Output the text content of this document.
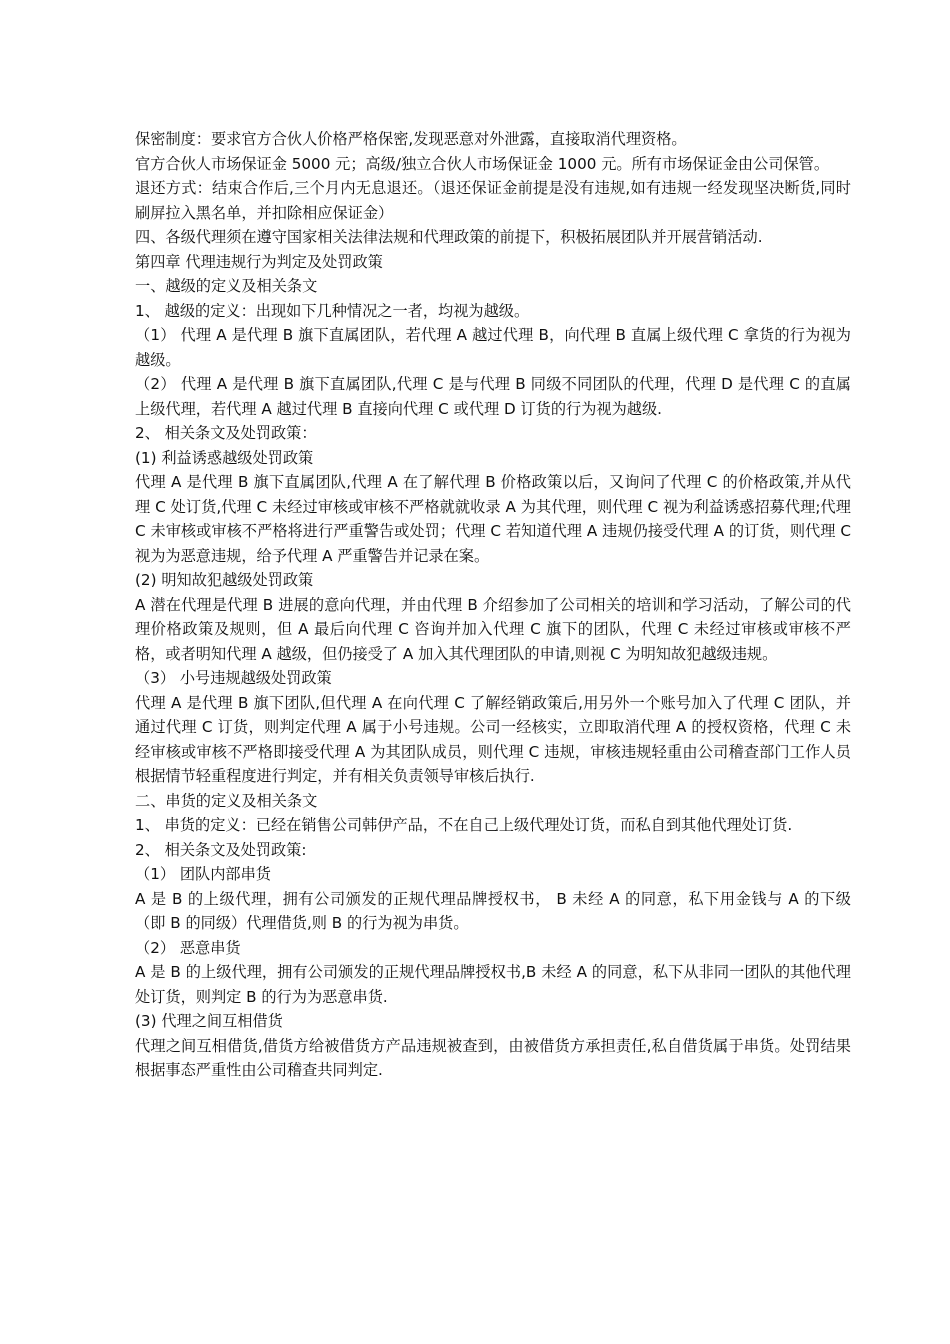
保密制度：要求官方合伙人价格严格保密,发现恶意对外泄露，直接取消代理资格。

官方合伙人市场保证金 5000 元；高级/独立合伙人市场保证金 1000 元。所有市场保证金由公司保管。

退还方式：结束合作后,三个月内无息退还。（退还保证金前提是没有违规,如有违规一经发现坚决断货,同时刷屏拉入黑名单，并扣除相应保证金）

四、各级代理须在遵守国家相关法律法规和代理政策的前提下，积极拓展团队并开展营销活动.

第四章 代理违规行为判定及处罚政策

一、越级的定义及相关条文

1、 越级的定义：出现如下几种情况之一者，均视为越级。

（1） 代理 A 是代理 B 旗下直属团队，若代理 A 越过代理 B，向代理 B 直属上级代理 C 拿货的行为视为越级。

（2） 代理 A 是代理 B 旗下直属团队,代理 C 是与代理 B 同级不同团队的代理，代理 D 是代理 C 的直属上级代理，若代理 A 越过代理 B 直接向代理 C 或代理 D 订货的行为视为越级.

2、 相关条文及处罚政策：

(1) 利益诱惑越级处罚政策

代理 A 是代理 B 旗下直属团队,代理 A 在了解代理 B 价格政策以后，又询问了代理 C 的价格政策,并从代理 C 处订货,代理 C 未经过审核或审核不严格就就收录 A 为其代理，则代理 C 视为利益诱惑招募代理;代理 C 未审核或审核不严格将进行严重警告或处罚；代理 C 若知道代理 A 违规仍接受代理 A 的订货，则代理 C 视为为恶意违规，给予代理 A 严重警告并记录在案。

(2) 明知故犯越级处罚政策

A 潜在代理是代理 B 进展的意向代理，并由代理 B 介绍参加了公司相关的培训和学习活动，了解公司的代理价格政策及规则，但 A 最后向代理 C 咨询并加入代理 C 旗下的团队，代理 C 未经过审核或审核不严格，或者明知代理 A 越级，但仍接受了 A 加入其代理团队的申请,则视 C 为明知故犯越级违规。

（3） 小号违规越级处罚政策

代理 A 是代理 B 旗下团队,但代理 A 在向代理 C 了解经销政策后,用另外一个账号加入了代理 C 团队，并通过代理 C 订货，则判定代理 A 属于小号违规。公司一经核实，立即取消代理 A 的授权资格，代理 C 未经审核或审核不严格即接受代理 A 为其团队成员，则代理 C 违规，审核违规轻重由公司稽查部门工作人员根据情节轻重程度进行判定，并有相关负责领导审核后执行.

二、串货的定义及相关条文

1、 串货的定义：已经在销售公司韩伊产品，不在自己上级代理处订货，而私自到其他代理处订货.

2、 相关条文及处罚政策:

（1） 团队内部串货

A 是 B 的上级代理，拥有公司颁发的正规代理品牌授权书， B 未经 A 的同意，私下用金钱与 A 的下级（即 B 的同级）代理借货,则 B 的行为视为串货。

（2） 恶意串货

A 是 B 的上级代理，拥有公司颁发的正规代理品牌授权书,B 未经 A 的同意，私下从非同一团队的其他代理处订货，则判定 B 的行为为恶意串货.

(3) 代理之间互相借货

代理之间互相借货,借货方给被借货方产品违规被查到，由被借货方承担责任,私自借货属于串货。处罚结果根据事态严重性由公司稽查共同判定.
